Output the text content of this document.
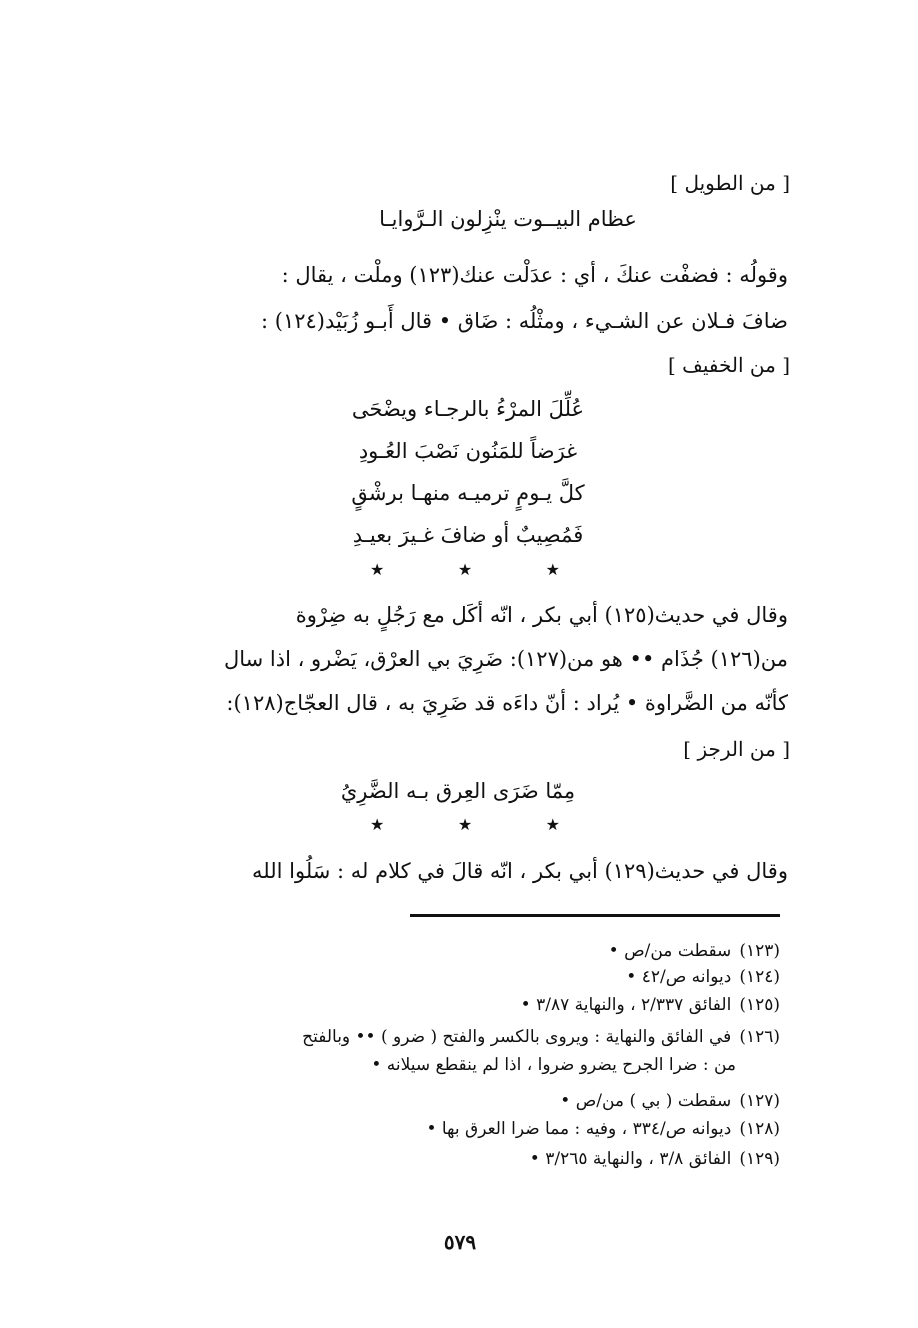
[ من الطويل ]
عظام البيــوت ينْزِلون الـرَّوايـا
وقولُه : فضفْت عنكَ ، أي : عدَلْت عنك(١٢٣) وملْت ، يقال :
ضافَ فـلان عن الشـيء ، ومثْلُه : ضَاق • قال أَبـو زُبَيْد(١٢٤) :
[ من الخفيف ]
عُلِّلَ المرْءُ بالرجـاء ويضْحَى
غرَضاً للمَنُون نَصْبَ العُـودِ
كلَّ يـومٍ ترميـه منهـا برشْقٍ
فَمُصِيبٌ أو ضافَ غـيرَ بعيـدِ
★	★	★
وقال في حديث(١٢٥) أبي بكر ، انّه أكَل مع رَجُلٍ به ضِرْوة
من(١٢٦) جُذَام •• هو من(١٢٧): ضَرِيَ بي العرْق، يَضْرو ، اذا سال
كأنّه من الضَّراوة • يُراد : أنّ داءَه قد ضَرِيَ به ، قال العجّاج(١٢٨):
[ من الرجز ]
مِمّا ضَرَى العِرق بـه الضَّرِيُ
★	★	★
وقال في حديث(١٢٩) أبي بكر ، انّه قالَ في كلام له : سَلُوا الله
(١٢٣)سقطت من/ص •
(١٢٤)ديوانه ص/٤٢ •
(١٢٥)الفائق ٢/٣٣٧ ، والنهاية ٣/٨٧ •
(١٢٦)في الفائق والنهاية : ويروى بالكسر والفتح ( ضرو ) •• وبالفتح
من : ضرا الجرح يضرو ضروا ، اذا لم ينقطع سيلانه •
(١٢٧)سقطت ( بي ) من/ص •
(١٢٨)ديوانه ص/٣٣٤ ، وفيه : مما ضرا العرق بها •
(١٢٩)الفائق ٣/٨ ، والنهاية ٣/٢٦٥ •
٥٧٩
